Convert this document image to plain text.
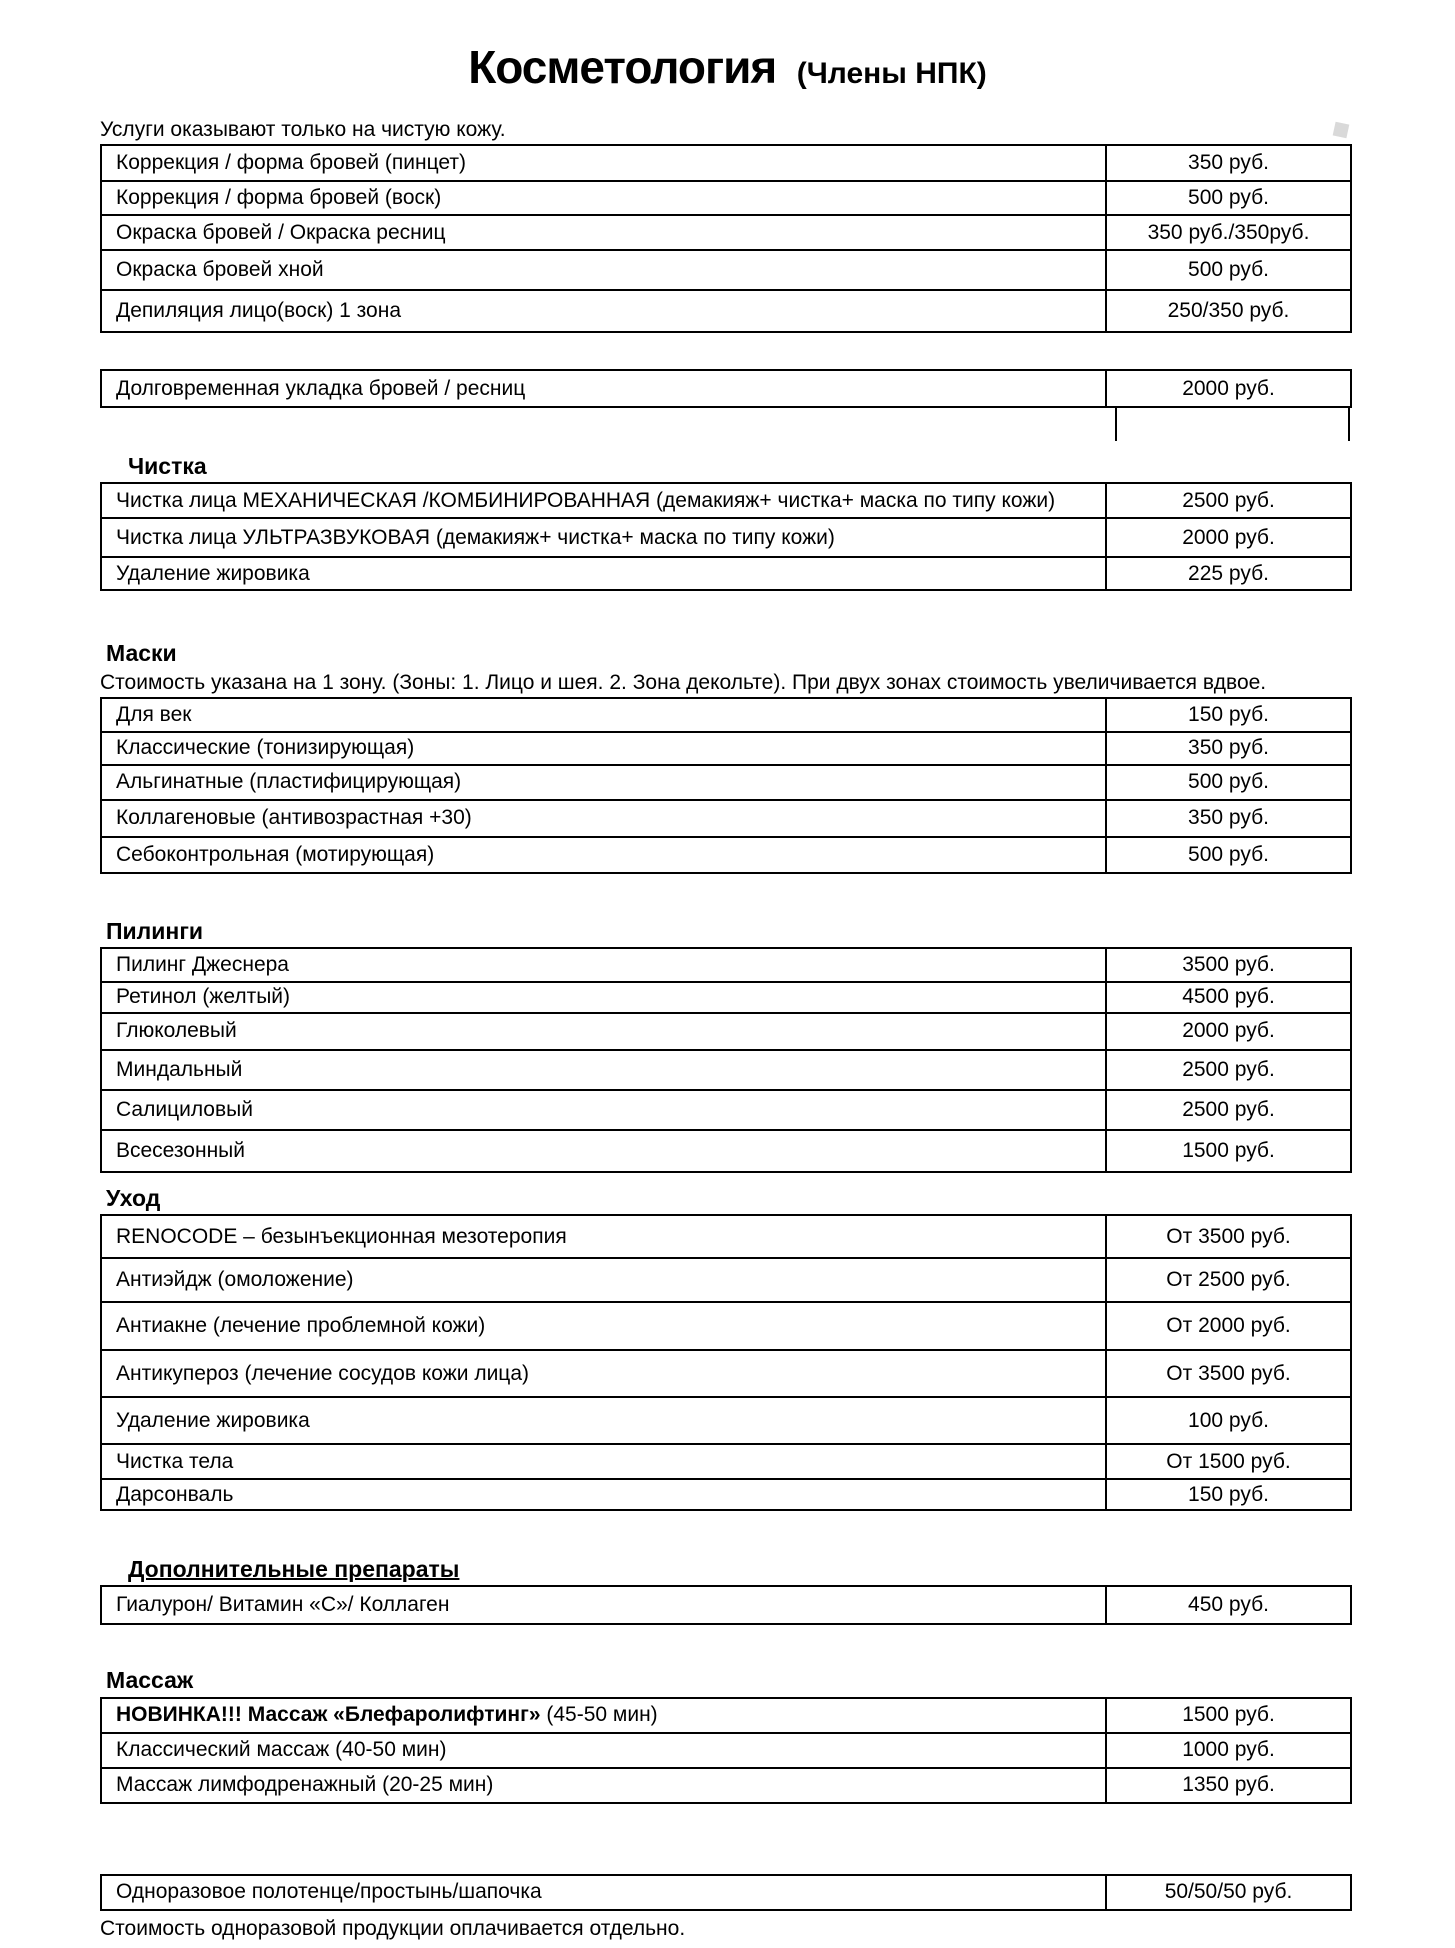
Косметология (Члены НПК)

Услуги оказывают только на чистую кожу.

Коррекция / форма бровей (пинцет)	350 руб.
Коррекция / форма бровей (воск)	500 руб.
Окраска бровей / Окраска ресниц	350 руб./350руб.
Окраска бровей хной	500 руб.
Депиляция лицо(воск) 1 зона	250/350 руб.
Долговременная укладка бровей / ресниц	2000 руб.
Чистка
Чистка лица МЕХАНИЧЕСКАЯ /КОМБИНИРОВАННАЯ (демакияж+ чистка+ маска по типу кожи)	2500 руб.
Чистка лица УЛЬТРАЗВУКОВАЯ (демакияж+ чистка+ маска по типу кожи)	2000 руб.
Удаление жировика	225 руб.
Маски

Стоимость указана на 1 зону. (Зоны: 1. Лицо и шея. 2. Зона декольте). При двух зонах стоимость увеличивается вдвое.

Для век	150 руб.
Классические (тонизирующая)	350 руб.
Альгинатные (пластифицирующая)	500 руб.
Коллагеновые (антивозрастная +30)	350 руб.
Себоконтрольная (мотирующая)	500 руб.
Пилинги
Пилинг Джеснера	3500 руб.
Ретинол (желтый)	4500 руб.
Глюколевый	2000 руб.
Миндальный	2500 руб.
Салициловый	2500 руб.
Всесезонный	1500 руб.
Уход
RENOCODE – безынъекционная мезотеропия	От 3500 руб.
Антиэйдж (омоложение)	От 2500 руб.
Антиакне (лечение проблемной кожи)	От 2000 руб.
Антикупероз (лечение сосудов кожи лица)	От 3500 руб.
Удаление жировика	100 руб.
Чистка тела	От 1500 руб.
Дарсонваль	150 руб.
Дополнительные препараты
Гиалурон/ Витамин «С»/ Коллаген	450 руб.
Массаж
НОВИНКА!!! Массаж «Блефаролифтинг» (45-50 мин)	1500 руб.
Классический массаж (40-50 мин)	1000 руб.
Массаж лимфодренажный (20-25 мин)	1350 руб.
Одноразовое полотенце/простынь/шапочка	50/50/50 руб.

Стоимость одноразовой продукции оплачивается отдельно.
